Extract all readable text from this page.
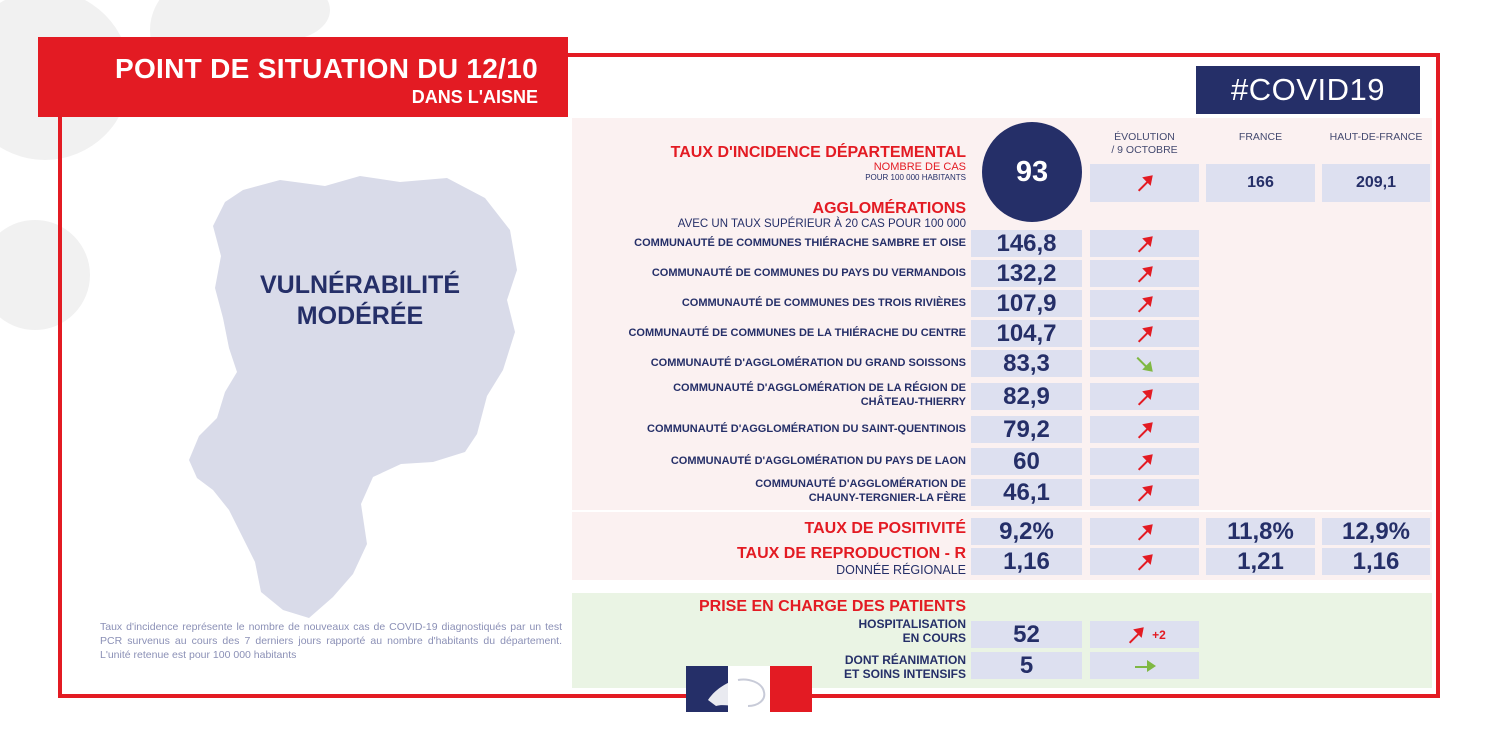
POINT DE SITUATION DU 12/10
DANS L'AISNE	#COVID19
VULNÉRABILITÉ
MODÉRÉE
Taux d'incidence représente le nombre de nouveaux cas de COVID-19 diagnostiqués par un test PCR survenus au cours des 7 derniers jours rapporté au nombre d'habitants du département. L'unité retenue est pour 100 000 habitants
ÉVOLUTION
/ 9 OCTOBRE
FRANCE	HAUT-DE-FRANCE
TAUX D'INCIDENCE DÉPARTEMENTAL
NOMBRE DE CAS
POUR 100 000 HABITANTS	93	166	209,1
AGGLOMÉRATIONS
AVEC UN TAUX SUPÉRIEUR À 20 CAS POUR 100 000
COMMUNAUTÉ DE COMMUNES THIÉRACHE SAMBRE ET OISE	146,8
COMMUNAUTÉ DE COMMUNES DU PAYS DU VERMANDOIS	132,2
COMMUNAUTÉ DE COMMUNES DES TROIS RIVIÈRES	107,9
COMMUNAUTÉ DE COMMUNES DE LA THIÉRACHE DU CENTRE	104,7
COMMUNAUTÉ D'AGGLOMÉRATION DU GRAND SOISSONS	83,3
COMMUNAUTÉ D'AGGLOMÉRATION DE LA RÉGION DE
CHÂTEAU-THIERRY	82,9
COMMUNAUTÉ D'AGGLOMÉRATION DU SAINT-QUENTINOIS	79,2
COMMUNAUTÉ D'AGGLOMÉRATION DU PAYS DE LAON	60
COMMUNAUTÉ D'AGGLOMÉRATION DE
CHAUNY-TERGNIER-LA FÈRE	46,1
TAUX DE POSITIVITÉ	9,2%	11,8%	12,9%
TAUX DE REPRODUCTION - R
DONNÉE RÉGIONALE	1,16	1,21	1,16
PRISE EN CHARGE DES PATIENTS
HOSPITALISATION
EN COURS	52	+2
DONT RÉANIMATION
ET SOINS INTENSIFS	5
